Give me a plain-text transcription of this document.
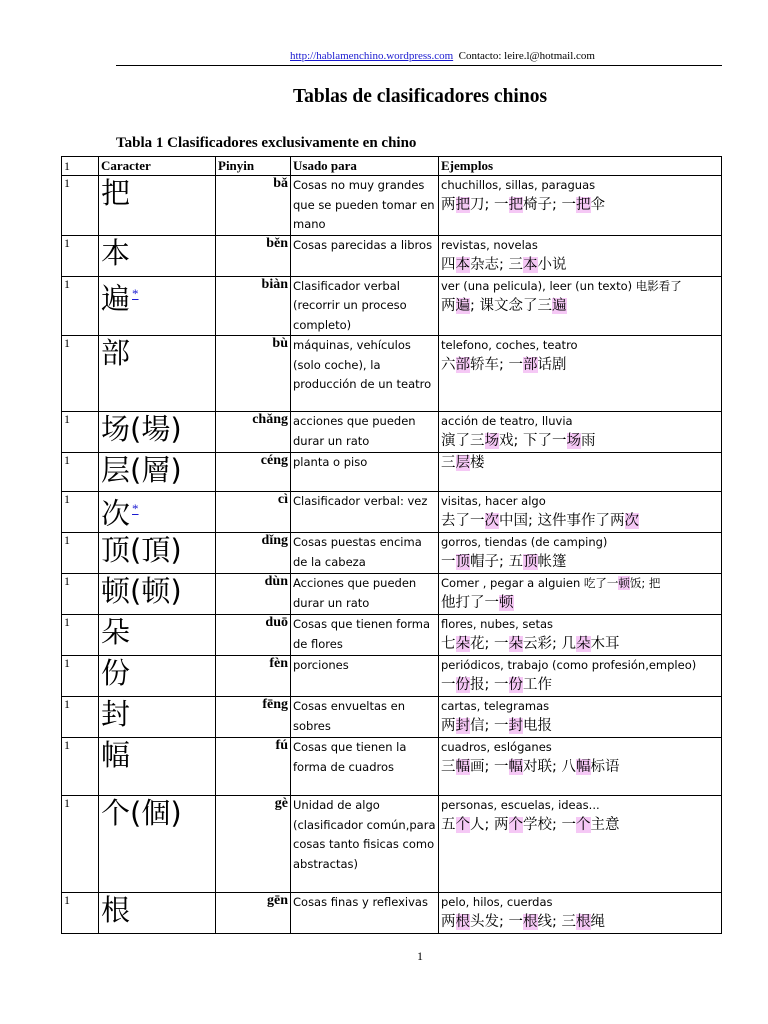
http://hablamenchino.wordpress.com Contacto: leire.l@hotmail.com
Tablas de clasificadores chinos
Tabla 1 Clasificadores exclusivamente en chino
1	Caracter	Pinyin	Usado para	Ejemplos
1	把	bǎ	Cosas no muy grandes que se pueden tomar en mano	chuchillos, sillas, paraguas
两把刀; 一把椅子; 一把伞

1	本	běn	Cosas parecidas a libros	revistas, novelas
四本杂志; 三本小说

1	遍 *	biàn	Clasificador verbal (recorrir un proceso completo)	ver (una pelicula), leer (un texto) 电影看了
两遍; 课文念了三遍

1	部	bù	máquinas, vehículos (solo coche), la producción de un teatro	telefono, coches, teatro
六部轿车; 一部话剧

1	场(場)	chǎng	acciones que pueden durar un rato	acción de teatro, lluvia
演了三场戏; 下了一场雨

1	层(層)	céng	planta o piso	三层楼

1	次 *	cì	Clasificador verbal: vez	visitas, hacer algo
去了一次中国; 这件事作了两次

1	顶(頂)	dǐng	Cosas puestas encima de la cabeza	gorros, tiendas (de camping)
一顶帽子; 五顶帐篷

1	顿(顿)	dùn	Acciones que pueden durar un rato	Comer , pegar a alguien 吃了一顿饭; 把
他打了一顿

1	朵	duō	Cosas que tienen forma de flores	flores, nubes, setas
七朵花; 一朵云彩; 几朵木耳

1	份	fèn	porciones	periódicos, trabajo (como profesión,empleo)
一份报; 一份工作

1	封	fēng	Cosas envueltas en sobres	cartas, telegramas
两封信; 一封电报

1	幅	fú	Cosas que tienen la forma de cuadros	cuadros, eslóganes
三幅画; 一幅对联; 八幅标语

1	个(個)	gè	Unidad de algo (clasificador común,para cosas tanto fisicas como abstractas)	personas, escuelas, ideas...
五个人; 两个学校; 一个主意

1	根	gēn	Cosas finas y reflexivas	pelo, hilos, cuerdas
两根头发; 一根线; 三根绳
1
